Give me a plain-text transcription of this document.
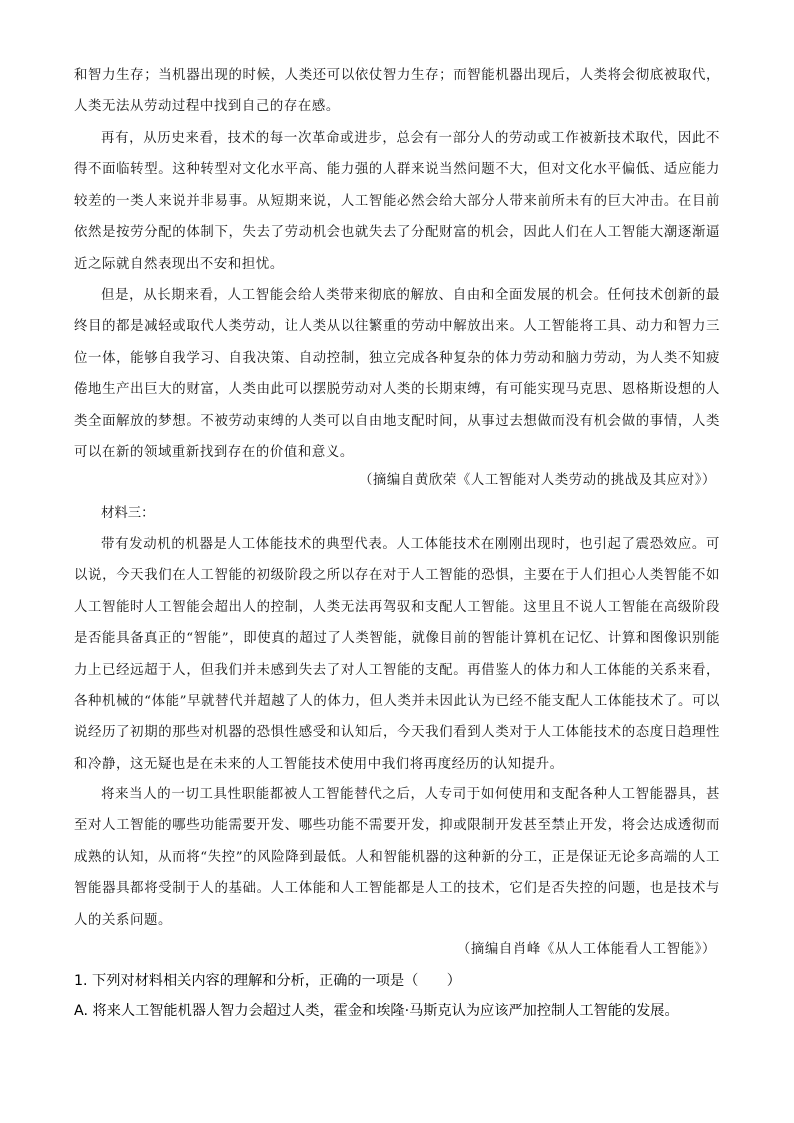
和智力生存；当机器出现的时候，人类还可以依仗智力生存；而智能机器出现后，人类将会彻底被取代，人类无法从劳动过程中找到自己的存在感。

再有，从历史来看，技术的每一次革命或进步，总会有一部分人的劳动或工作被新技术取代，因此不得不面临转型。这种转型对文化水平高、能力强的人群来说当然问题不大，但对文化水平偏低、适应能力较差的一类人来说并非易事。从短期来说，人工智能必然会给大部分人带来前所未有的巨大冲击。在目前依然是按劳分配的体制下，失去了劳动机会也就失去了分配财富的机会，因此人们在人工智能大潮逐渐逼近之际就自然表现出不安和担忧。

但是，从长期来看，人工智能会给人类带来彻底的解放、自由和全面发展的机会。任何技术创新的最终目的都是减轻或取代人类劳动，让人类从以往繁重的劳动中解放出来。人工智能将工具、动力和智力三位一体，能够自我学习、自我决策、自动控制，独立完成各种复杂的体力劳动和脑力劳动，为人类不知疲倦地生产出巨大的财富，人类由此可以摆脱劳动对人类的长期束缚，有可能实现马克思、恩格斯设想的人类全面解放的梦想。不被劳动束缚的人类可以自由地支配时间，从事过去想做而没有机会做的事情，人类可以在新的领域重新找到存在的价值和意义。

（摘编自黄欣荣《人工智能对人类劳动的挑战及其应对》）

材料三：

带有发动机的机器是人工体能技术的典型代表。人工体能技术在刚刚出现时，也引起了震恐效应。可以说，今天我们在人工智能的初级阶段之所以存在对于人工智能的恐惧，主要在于人们担心人类智能不如人工智能时人工智能会超出人的控制，人类无法再驾驭和支配人工智能。这里且不说人工智能在高级阶段是否能具备真正的“智能”，即使真的超过了人类智能，就像目前的智能计算机在记忆、计算和图像识别能力上已经远超于人，但我们并未感到失去了对人工智能的支配。再借鉴人的体力和人工体能的关系来看，各种机械的“体能”早就替代并超越了人的体力，但人类并未因此认为已经不能支配人工体能技术了。可以说经历了初期的那些对机器的恐惧性感受和认知后，今天我们看到人类对于人工体能技术的态度日趋理性和冷静，这无疑也是在未来的人工智能技术使用中我们将再度经历的认知提升。

将来当人的一切工具性职能都被人工智能替代之后，人专司于如何使用和支配各种人工智能器具，甚至对人工智能的哪些功能需要开发、哪些功能不需要开发，抑或限制开发甚至禁止开发，将会达成透彻而成熟的认知，从而将“失控”的风险降到最低。人和智能机器的这种新的分工，正是保证无论多高端的人工智能器具都将受制于人的基础。人工体能和人工智能都是人工的技术，它们是否失控的问题，也是技术与人的关系问题。

（摘编自肖峰《从人工体能看人工智能》）

1. 下列对材料相关内容的理解和分析，正确的一项是（　　）

A. 将来人工智能机器人智力会超过人类，霍金和埃隆·马斯克认为应该严加控制人工智能的发展。
